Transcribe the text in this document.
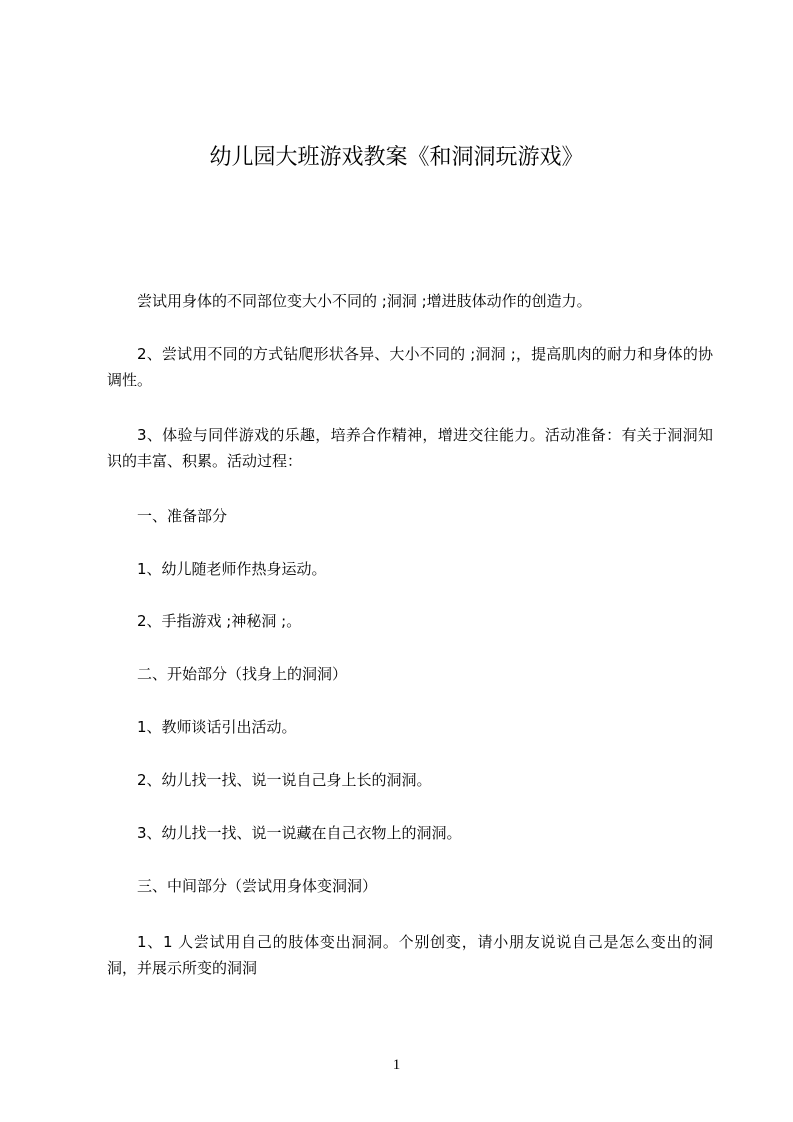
幼儿园大班游戏教案《和洞洞玩游戏》

尝试用身体的不同部位变大小不同的 ;洞洞 ;增进肢体动作的创造力。

2、尝试用不同的方式钻爬形状各异、大小不同的 ;洞洞 ;，提高肌肉的耐力和身体的协调性。

3、体验与同伴游戏的乐趣，培养合作精神，增进交往能力。活动准备：有关于洞洞知识的丰富、积累。活动过程：

一、准备部分

1、幼儿随老师作热身运动。

2、手指游戏 ;神秘洞 ;。

二、开始部分（找身上的洞洞）

1、教师谈话引出活动。

2、幼儿找一找、说一说自己身上长的洞洞。

3、幼儿找一找、说一说藏在自己衣物上的洞洞。

三、中间部分（尝试用身体变洞洞）

1、1 人尝试用自己的肢体变出洞洞。个别创变，请小朋友说说自己是怎么变出的洞洞，并展示所变的洞洞

1
